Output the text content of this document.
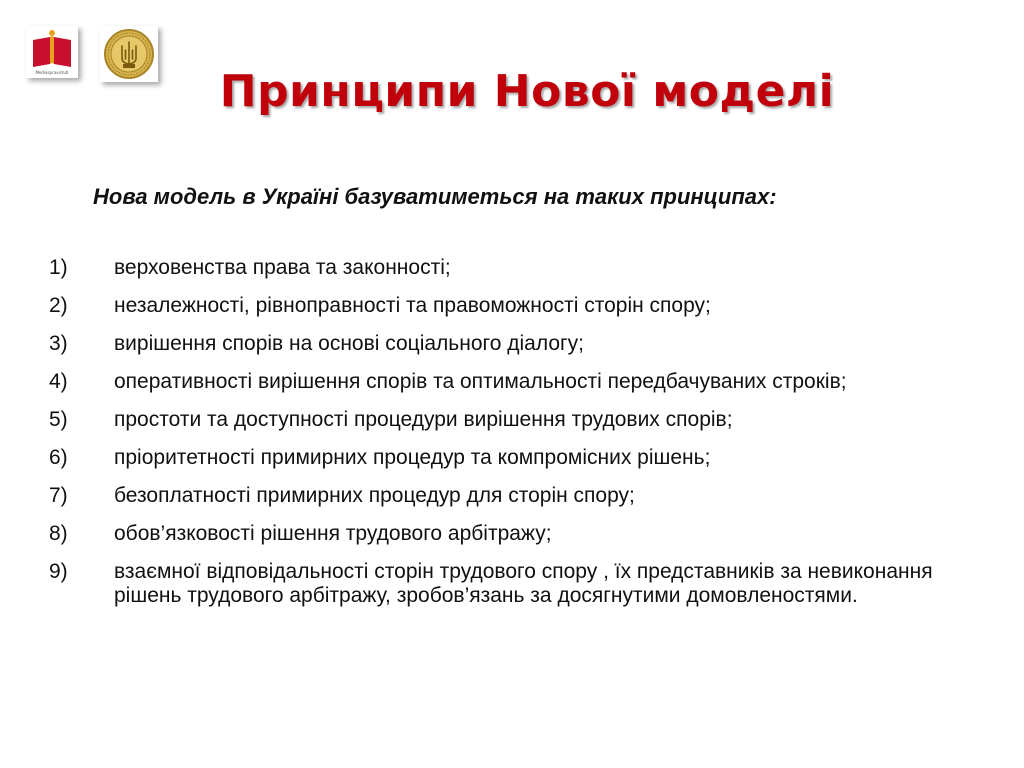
Mediaspravistuti	Принципи Нової моделі
Нова модель в Україні базуватиметься на таких принципах:
1)	верховенства права та законності;
2)	незалежності, рівноправності та правоможності сторін спору;
3)	вирішення спорів на основі соціального діалогу;
4)	оперативності вирішення спорів та оптимальності передбачуваних строків;
5)	простоти та доступності процедури вирішення трудових спорів;
6)	пріоритетності примирних процедур та компромісних рішень;
7)	безоплатності примирних процедур для сторін спору;
8)	обов’язковості рішення трудового арбітражу;
9)	взаємної відповідальності сторін трудового спору , їх представників за невиконання рішень трудового арбітражу, зробов’язань за досягнутими домовленостями.
